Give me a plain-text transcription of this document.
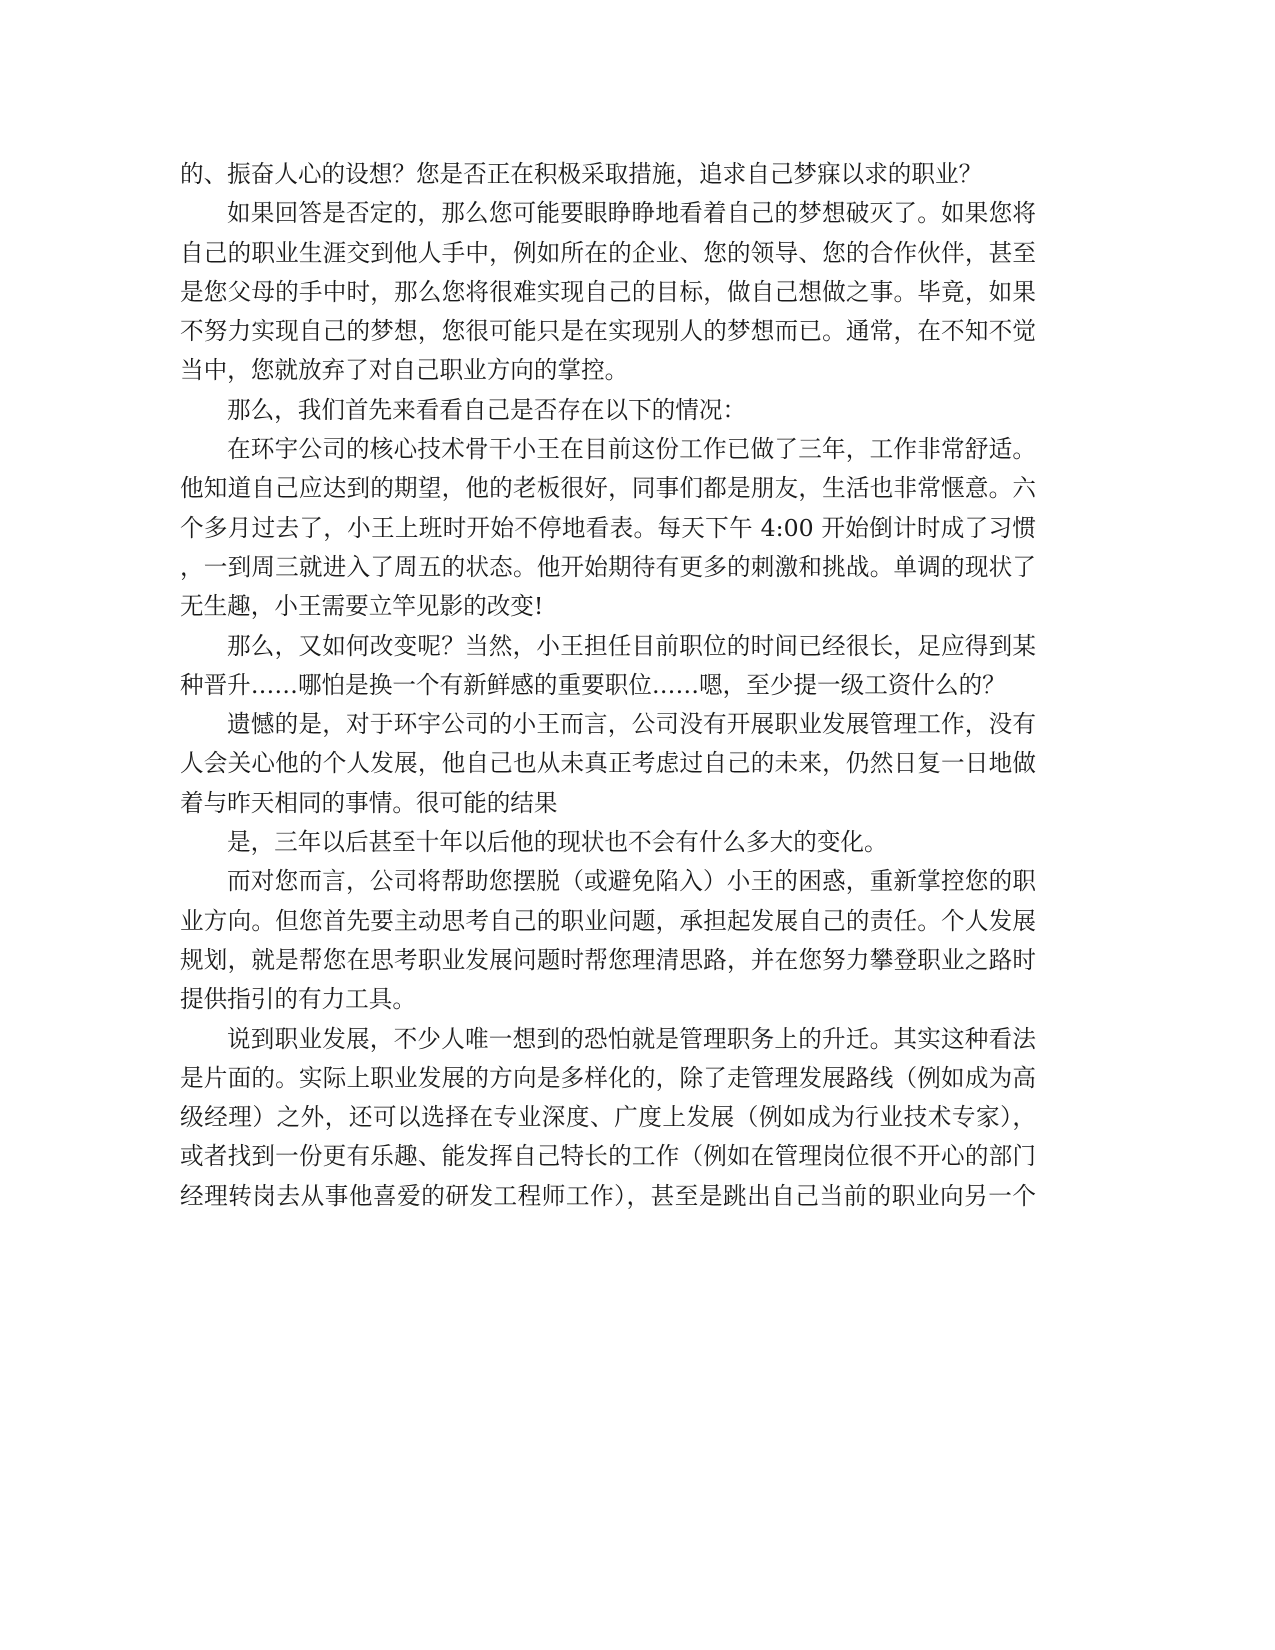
的、振奋人心的设想？您是否正在积极采取措施，追求自己梦寐以求的职业？
如果回答是否定的，那么您可能要眼睁睁地看着自己的梦想破灭了。如果您将
自己的职业生涯交到他人手中，例如所在的企业、您的领导、您的合作伙伴，甚至
是您父母的手中时，那么您将很难实现自己的目标，做自己想做之事。毕竟，如果
不努力实现自己的梦想，您很可能只是在实现别人的梦想而已。通常，在不知不觉
当中，您就放弃了对自己职业方向的掌控。
那么，我们首先来看看自己是否存在以下的情况：
在环宇公司的核心技术骨干小王在目前这份工作已做了三年，工作非常舒适。
他知道自己应达到的期望，他的老板很好，同事们都是朋友，生活也非常惬意。六
个多月过去了，小王上班时开始不停地看表。每天下午 4:00 开始倒计时成了习惯
，一到周三就进入了周五的状态。他开始期待有更多的刺激和挑战。单调的现状了
无生趣，小王需要立竿见影的改变!
那么，又如何改变呢？当然，小王担任目前职位的时间已经很长，足应得到某
种晋升……哪怕是换一个有新鲜感的重要职位……嗯，至少提一级工资什么的？
遗憾的是，对于环宇公司的小王而言，公司没有开展职业发展管理工作，没有
人会关心他的个人发展，他自己也从未真正考虑过自己的未来，仍然日复一日地做
着与昨天相同的事情。很可能的结果
是，三年以后甚至十年以后他的现状也不会有什么多大的变化。
而对您而言，公司将帮助您摆脱（或避免陷入）小王的困惑，重新掌控您的职
业方向。但您首先要主动思考自己的职业问题，承担起发展自己的责任。个人发展
规划，就是帮您在思考职业发展问题时帮您理清思路，并在您努力攀登职业之路时
提供指引的有力工具。
说到职业发展，不少人唯一想到的恐怕就是管理职务上的升迁。其实这种看法
是片面的。实际上职业发展的方向是多样化的，除了走管理发展路线（例如成为高
级经理）之外，还可以选择在专业深度、广度上发展（例如成为行业技术专家），
或者找到一份更有乐趣、能发挥自己特长的工作（例如在管理岗位很不开心的部门
经理转岗去从事他喜爱的研发工程师工作），甚至是跳出自己当前的职业向另一个
